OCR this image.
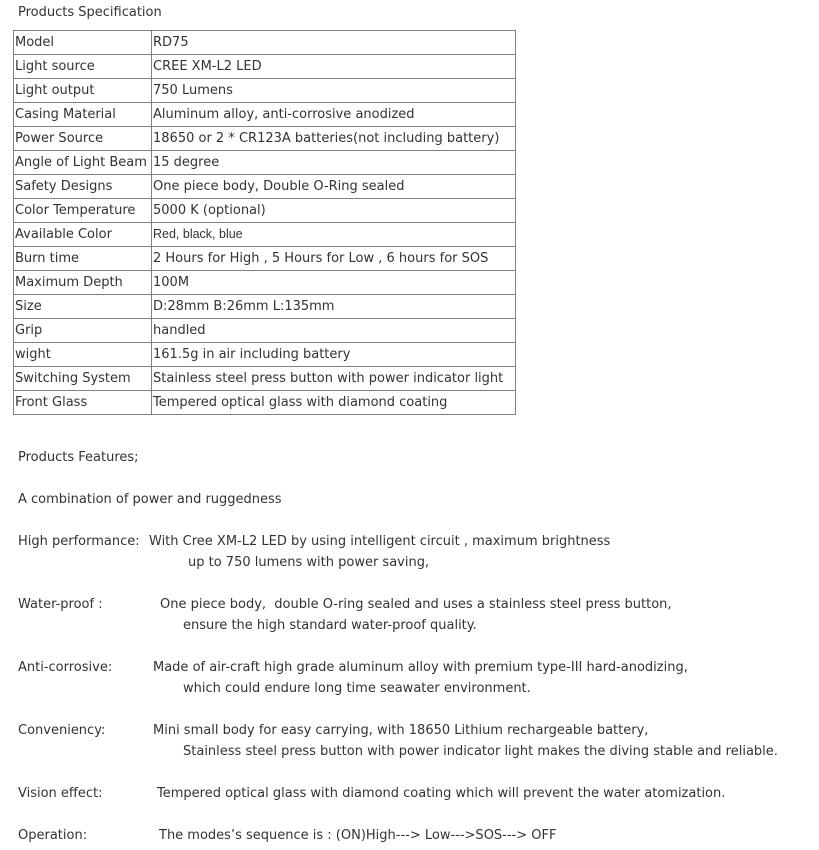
Products Specification
Model	RD75
Light source	CREE XM-L2 LED
Light output	750 Lumens
Casing Material	Aluminum alloy, anti-corrosive anodized
Power Source	18650 or 2 * CR123A batteries(not including battery)
Angle of Light Beam	15 degree
Safety Designs	One piece body, Double O-Ring sealed
Color Temperature	5000 K (optional)
Available Color	Red, black, blue
Burn time	2 Hours for High , 5 Hours for Low , 6 hours for SOS
Maximum Depth	100M
Size	D:28mm B:26mm L:135mm
Grip	handled
wight	161.5g in air including battery
Switching System	Stainless steel press button with power indicator light
Front Glass	Tempered optical glass with diamond coating
Products Features;
A combination of power and ruggedness
High performance: With Cree XM-L2 LED by using intelligent circuit , maximum brightness
up to 750 lumens with power saving,
Water-proof :	One piece body,  double O-ring sealed and uses a stainless steel press button,
ensure the high standard water-proof quality.
Anti-corrosive:	Made of air-craft high grade aluminum alloy with premium type-III hard-anodizing,
which could endure long time seawater environment.
Conveniency:	Mini small body for easy carrying, with 18650 Lithium rechargeable battery,
Stainless steel press button with power indicator light makes the diving stable and reliable.
Vision effect:	Tempered optical glass with diamond coating which will prevent the water atomization.
Operation:	The modes’s sequence is : (ON)High---> Low--->SOS---> OFF
